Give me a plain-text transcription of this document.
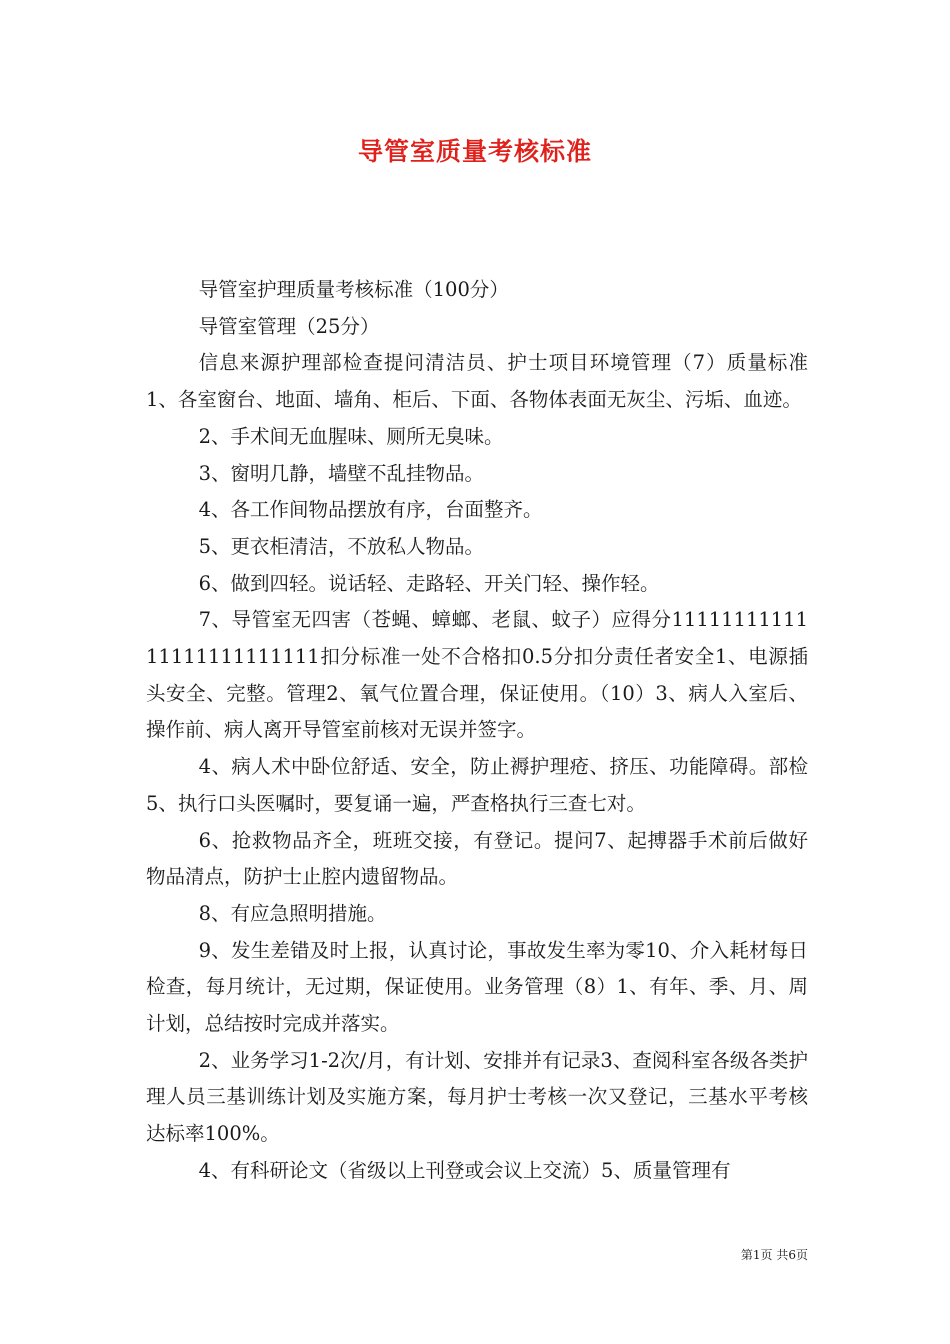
导管室质量考核标准

导管室护理质量考核标准（100分）

导管室管理（25分）

信息来源护理部检查提问清洁员、护士项目环境管理（7）质量标准1、各室窗台、地面、墙角、柜后、下面、各物体表面无灰尘、污垢、血迹。

2、手术间无血腥味、厕所无臭味。

3、窗明几静，墙壁不乱挂物品。

4、各工作间物品摆放有序，台面整齐。

5、更衣柜清洁，不放私人物品。

6、做到四轻。说话轻、走路轻、开关门轻、操作轻。

7、导管室无四害（苍蝇、蟑螂、老鼠、蚊子）应得分1111111111111111111111111扣分标准一处不合格扣0.5分扣分责任者安全1、电源插头安全、完整。管理2、氧气位置合理，保证使用。（10）3、病人入室后、操作前、病人离开导管室前核对无误并签字。

4、病人术中卧位舒适、安全，防止褥护理疮、挤压、功能障碍。部检5、执行口头医嘱时，要复诵一遍，严查格执行三查七对。

6、抢救物品齐全，班班交接，有登记。提问7、起搏器手术前后做好物品清点，防护士止腔内遗留物品。

8、有应急照明措施。

9、发生差错及时上报，认真讨论，事故发生率为零10、介入耗材每日检查，每月统计，无过期，保证使用。业务管理（8）1、有年、季、月、周计划，总结按时完成并落实。

2、业务学习1-2次/月，有计划、安排并有记录3、查阅科室各级各类护理人员三基训练计划及实施方案，每月护士考核一次又登记，三基水平考核达标率100%。

4、有科研论文（省级以上刊登或会议上交流）5、质量管理有

第1页 共6页
